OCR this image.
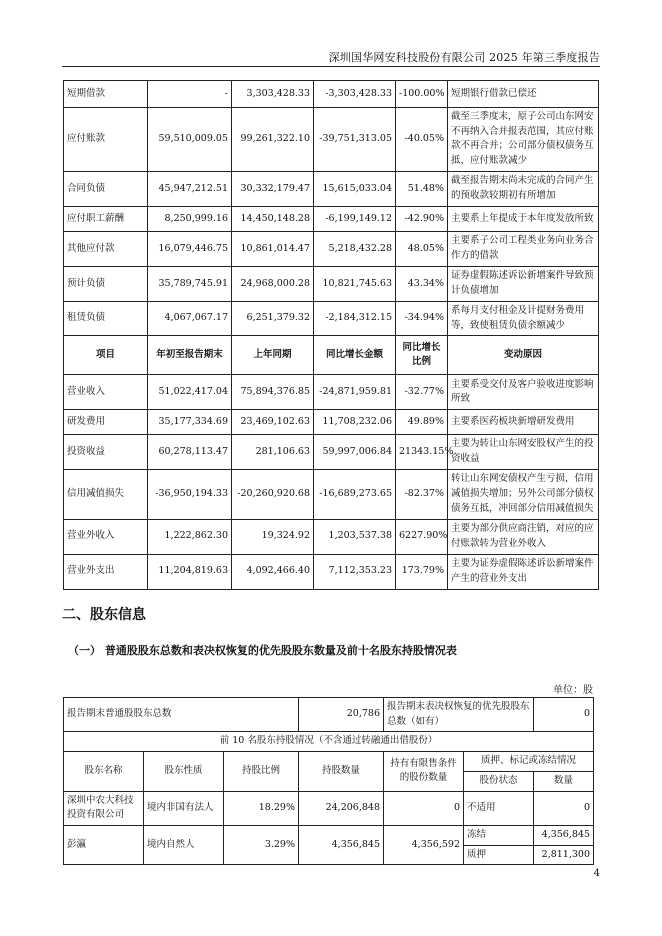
深圳国华网安科技股份有限公司 2025 年第三季度报告
短期借款	-	3,303,428.33	-3,303,428.33	-100.00%	短期银行借款已偿还
应付账款	59,510,009.05	99,261,322.10	-39,751,313.05	-40.05%	截至三季度末，原子公司山东网安不再纳入合并报表范围，其应付账款不再合并；公司部分债权债务互抵，应付账款减少
合同负债	45,947,212.51	30,332,179.47	15,615,033.04	51.48%	截至报告期末尚未完成的合同产生的预收款较期初有所增加
应付职工薪酬	8,250,999.16	14,450,148.28	-6,199,149.12	-42.90%	主要系上年提成于本年度发放所致
其他应付款	16,079,446.75	10,861,014.47	5,218,432.28	48.05%	主要系子公司工程类业务向业务合作方的借款
预计负债	35,789,745.91	24,968,000.28	10,821,745.63	43.34%	证券虚假陈述诉讼新增案件导致预计负债增加
租赁负债	4,067,067.17	6,251,379.32	-2,184,312.15	-34.94%	系每月支付租金及计提财务费用等，致使租赁负债余额减少
项目	年初至报告期末	上年同期	同比增长金额	同比增长比例	变动原因
营业收入	51,022,417.04	75,894,376.85	-24,871,959.81	-32.77%	主要系受交付及客户验收进度影响所致
研发费用	35,177,334.69	23,469,102.63	11,708,232.06	49.89%	主要系医药板块新增研发费用
投资收益	60,278,113.47	281,106.63	59,997,006.84	21343.15%	主要为转让山东网安股权产生的投资收益
信用减值损失	-36,950,194.33	-20,260,920.68	-16,689,273.65	-82.37%	转让山东网安债权产生亏损，信用减值损失增加；另外公司部分债权债务互抵，冲回部分信用减值损失
营业外收入	1,222,862.30	19,324.92	1,203,537.38	6227.90%	主要为部分供应商注销，对应的应付账款转为营业外收入
营业外支出	11,204,819.63	4,092,466.40	7,112,353.23	173.79%	主要为证券虚假陈述诉讼新增案件产生的营业外支出
二、股东信息
（一） 普通股股东总数和表决权恢复的优先股股东数量及前十名股东持股情况表
单位：股
报告期末普通股股东总数			20,786	报告期末表决权恢复的优先股股东总数（如有）		0
前 10 名股东持股情况（不含通过转融通出借股份）						
股东名称	股东性质	持股比例	持股数量	持有有限售条件的股份数量	质押、标记或冻结情况	
					股份状态	数量
深圳中农大科技投资有限公司	境内非国有法人	18.29%	24,206,848	0	不适用	0
彭瀛	境内自然人	3.29%	4,356,845	4,356,592	冻结	4,356,845
					质押	2,811,300
4
